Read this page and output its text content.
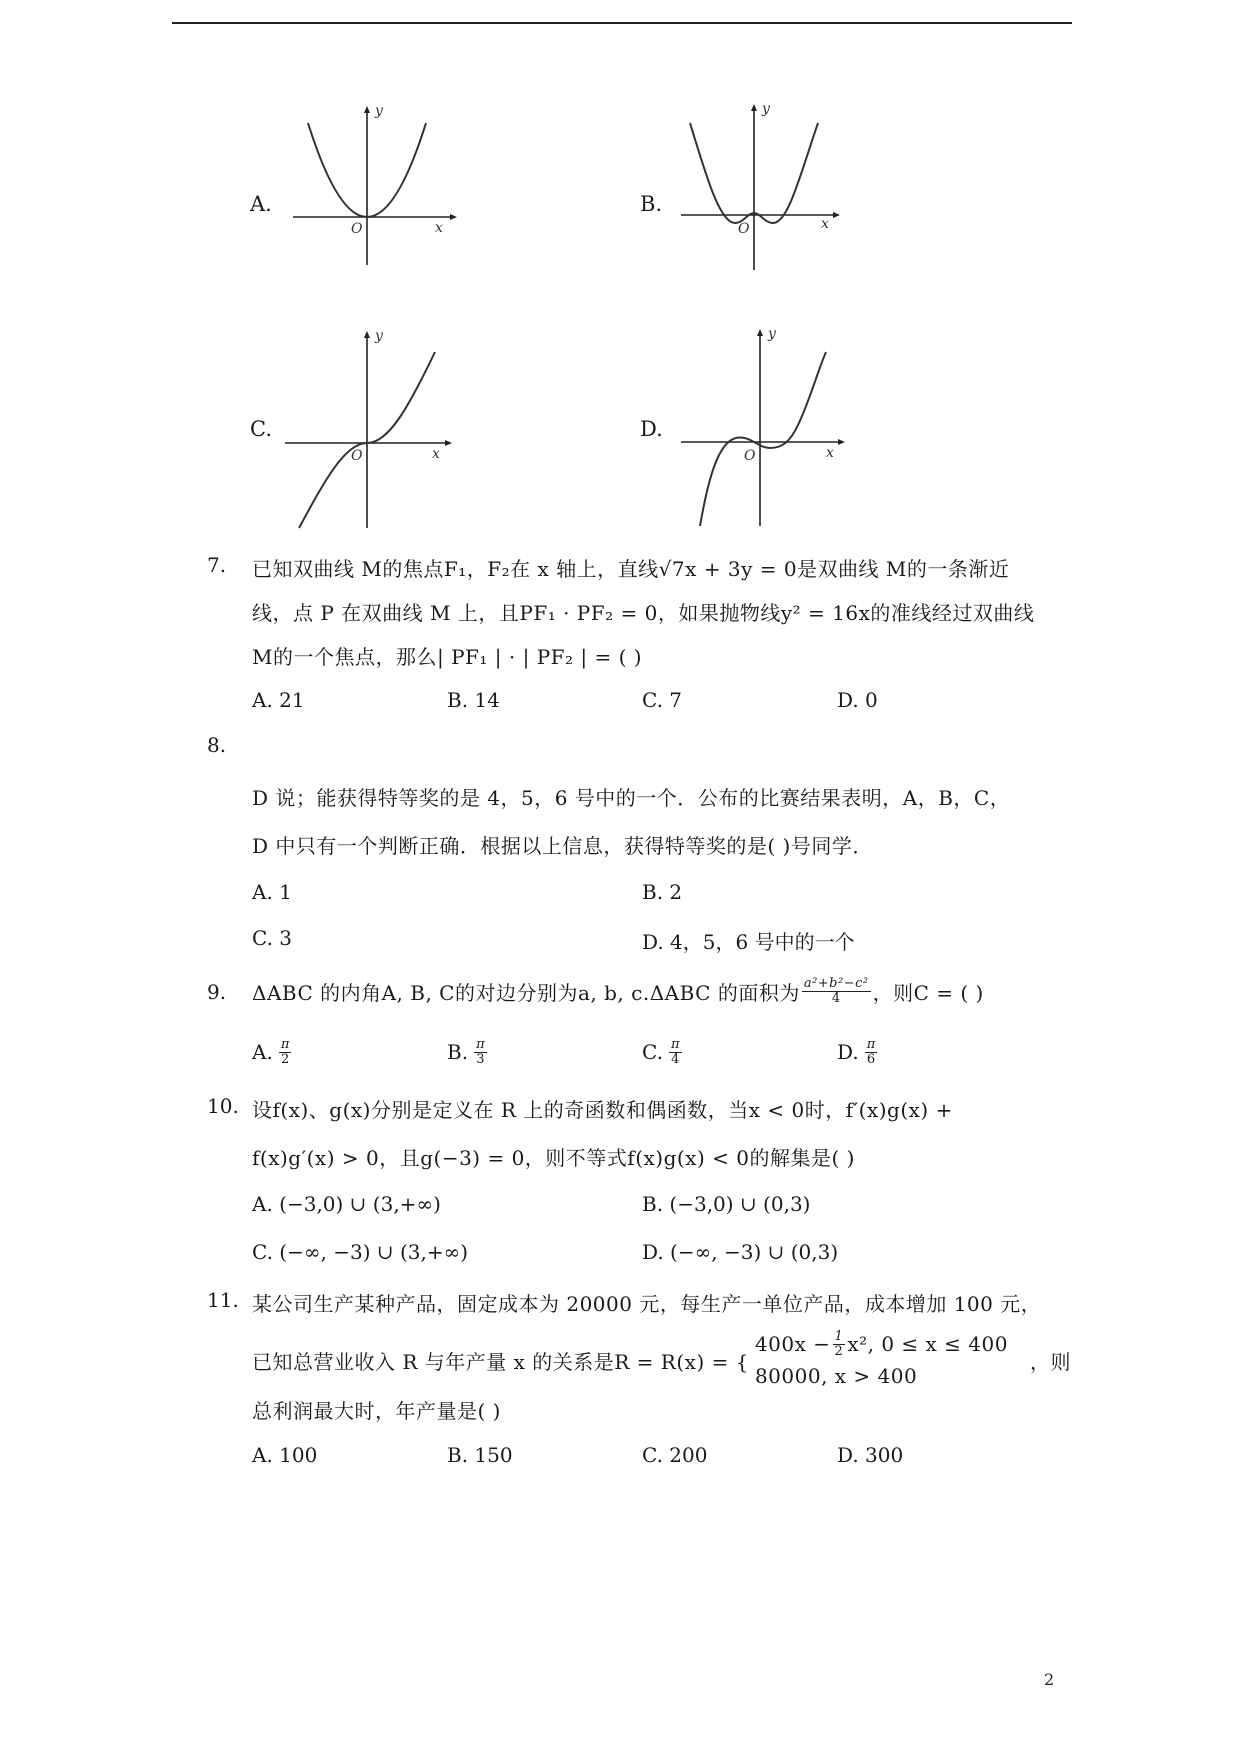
A.
x
y
O
B.
x
y
O
C.
x
y
O
D.
x
y
O
7. 已知双曲线 M的焦点F₁，F₂在 x 轴上，直线√7x + 3y = 0是双曲线 M的一条渐近
线，点 P 在双曲线 M 上，且PF₁ · PF₂ = 0，如果抛物线y² = 16x的准线经过双曲线
M的一个焦点，那么| PF₁ | · | PF₂ | = ( )
A. 21	B. 14	C. 7	D. 0
8.
D 说；能获得特等奖的是 4，5，6 号中的一个．公布的比赛结果表明，A，B，C，
D 中只有一个判断正确．根据以上信息，获得特等奖的是( )号同学．
A. 1	B. 2
C. 3	D. 4，5，6 号中的一个
9. ΔABC 的内角A, B, C的对边分别为a, b, c.ΔABC 的面积为 $\frac{\text{a²+b²−c²}}{4}$ ，则C = ( )
A. $\frac{\pi}{2}$	B. $\frac{\pi}{3}$	C. $\frac{\pi}{4}$	D. $\frac{\pi}{6}$
10. 设f(x)、g(x)分别是定义在 R 上的奇函数和偶函数，当x < 0时，f′(x)g(x) +
f(x)g′(x) > 0，且g(−3) = 0，则不等式f(x)g(x) < 0的解集是( )
A. (−3,0) ∪ (3,+∞)	B. (−3,0) ∪ (0,3)
C. (−∞, −3) ∪ (3,+∞)	D. (−∞, −3) ∪ (0,3)
11. 某公司生产某种产品，固定成本为 20000 元，每生产一单位产品，成本增加 100 元，
已知总营业收入 R 与年产量 x 的关系是R = R(x) = {
$400x - \frac{1}{2} x^2$, 0 ≤ x ≤ 400
80000, x > 400
，则
总利润最大时，年产量是( )
A. 100	B. 150	C. 200	D. 300
2
